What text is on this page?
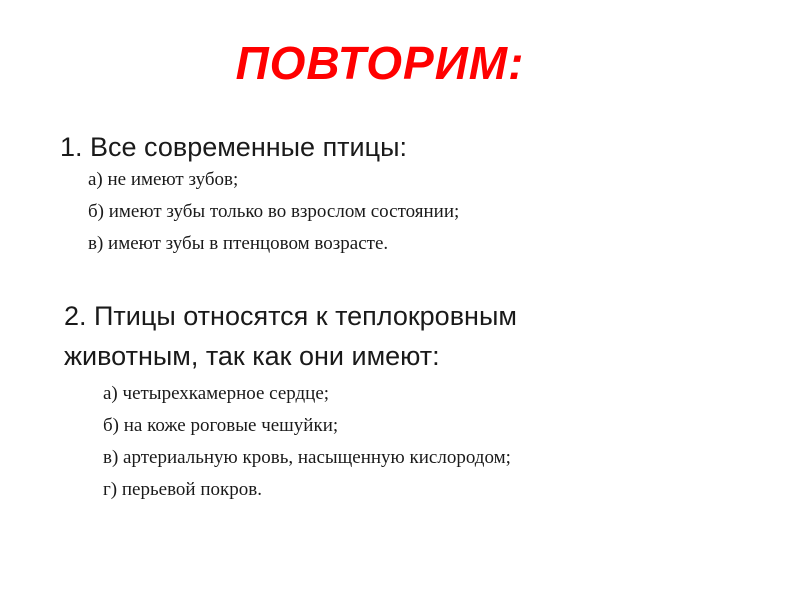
ПОВТОРИМ:
1. Все современные птицы:
а) не имеют зубов;
б) имеют зубы только во взрослом состоянии;
в) имеют зубы в птенцовом возрасте.
2. Птицы относятся к теплокровным
животным, так как они имеют:
а) четырехкамерное сердце;
б) на коже роговые чешуйки;
в) артериальную кровь, насыщенную кислородом;
г) перьевой покров.
